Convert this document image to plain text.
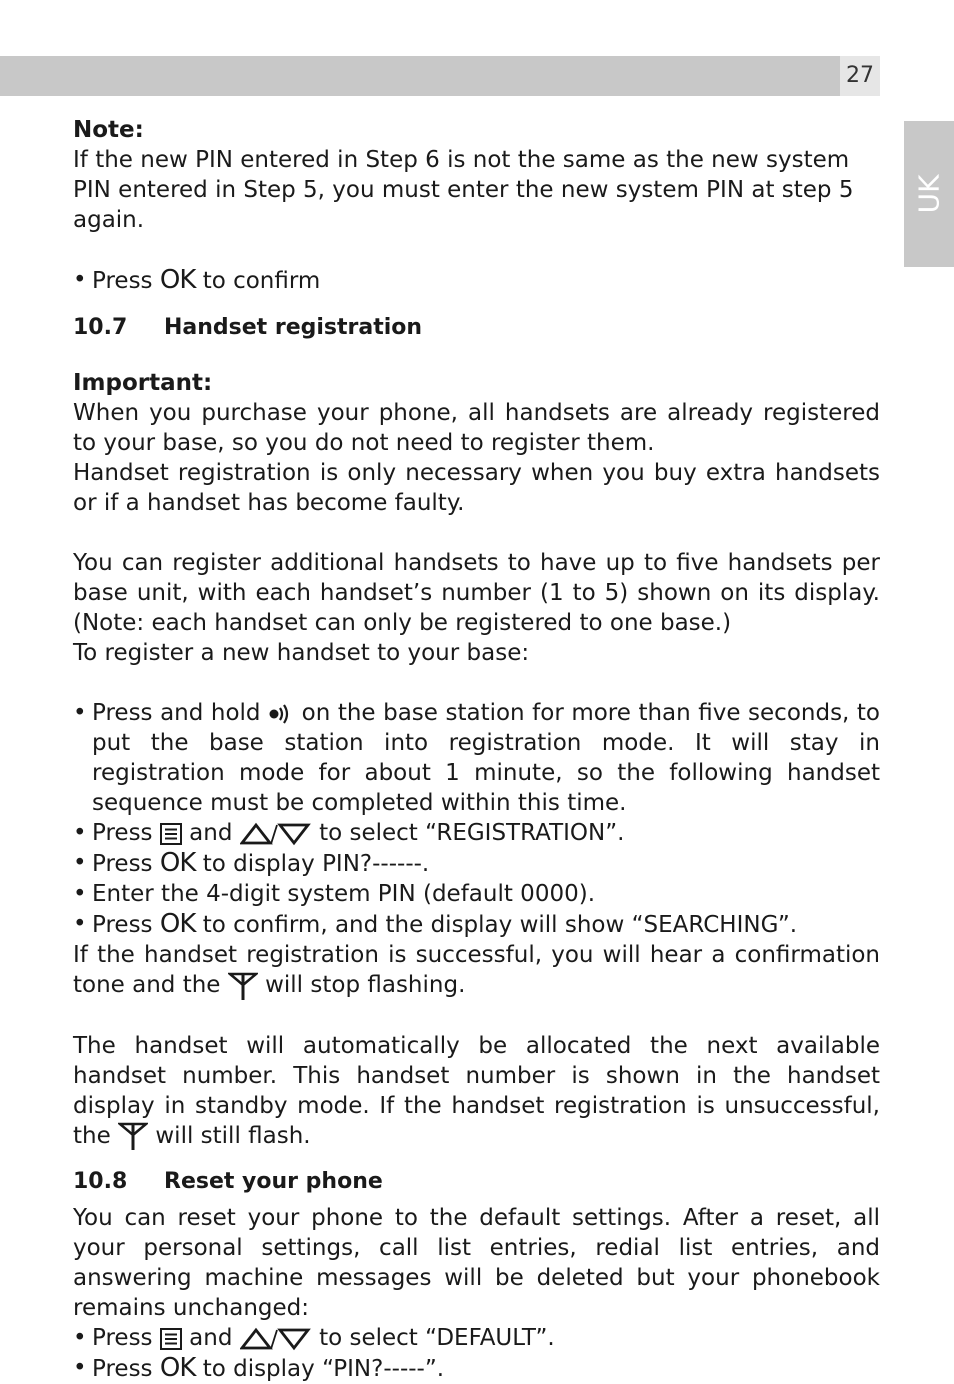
27
UK

Note:

If the new PIN entered in Step 6 is not the same as the new system PIN entered in Step 5, you must enter the new system PIN at step 5 again.

• Press OK to confirm
10.7	Handset registration

Important:

When you purchase your phone, all handsets are already registered to your base, so you do not need to register them.

Handset registration is only necessary when you buy extra handsets or if a handset has become faulty.

You can register additional handsets to have up to five handsets per base unit, with each handset’s number (1 to 5) shown on its display. (Note: each handset can only be registered to one base.)

To register a new handset to your base:

• Press and hold on the base station for more than five seconds, to put the base station into registration mode. It will stay in registration mode for about 1 minute, so the following handset sequence must be completed within this time.
• Press and	to select “REGISTRATION”.
• Press OK to display PIN?------.
• Enter the 4-digit system PIN (default 0000).
• Press OK to confirm, and the display will show “SEARCHING”.

If the handset registration is successful, you will hear a confirmation tone and the will stop flashing.

The handset will automatically be allocated the next available handset number. This handset number is shown in the handset display in standby mode. If the handset registration is unsuccessful, the will still flash.

10.8	Reset your phone

You can reset your phone to the default settings. After a reset, all your personal settings, call list entries, redial list entries, and answering machine messages will be deleted but your phonebook remains unchanged:

• Press and	to select “DEFAULT”.
• Press OK to display “PIN?-----”.
